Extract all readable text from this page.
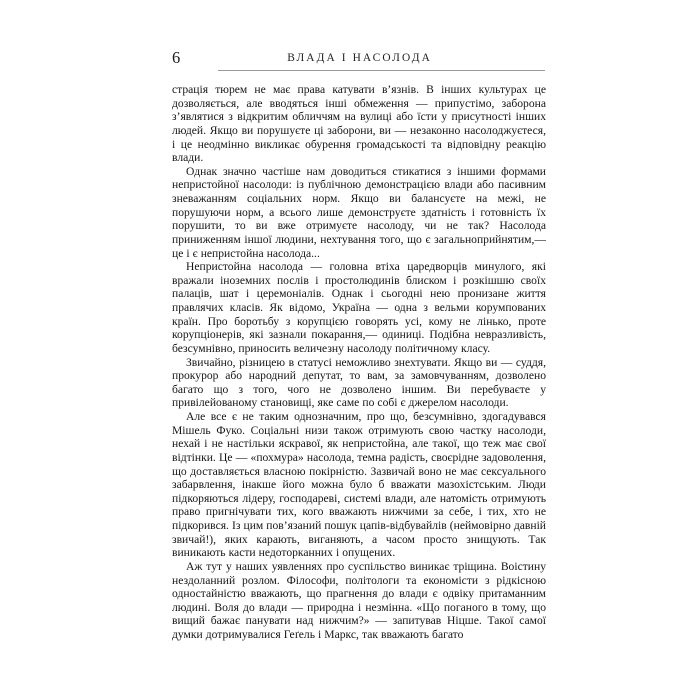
6	ВЛАДА І НАСОЛОДА

страція тюрем не має права катувати в’язнів. В інших культурах це дозволяється, але вводяться інші обмеження — припустімо, заборона з’являтися з відкритим обличчям на вулиці або їсти у присутності інших людей. Якщо ви порушуєте ці заборони, ви — незаконно насолоджуєтеся, і це неодмінно викликає обурення громадськості та відповідну реакцію влади.

Однак значно частіше нам доводиться стикатися з іншими формами непристойної насолоди: із публічною демонстрацією влади або пасивним зневажанням соціальних норм. Якщо ви балансуєте на межі, не порушуючи норм, а всього лише демонструєте здатність і готовність їх порушити, то ви вже отримуєте насолоду, чи не так? Насолода приниженням іншої людини, нехтування того, що є загальноприйнятим,— це і є непристойна насолода...

Непристойна насолода — головна втіха царедворців минулого, які вражали іноземних послів і простолюдинів блиском і розкішшю своїх палаців, шат і церемоніалів. Однак і сьогодні нею пронизане життя правлячих класів. Як відомо, Україна — одна з вельми корумпованих країн. Про боротьбу з корупцією говорять усі, кому не лінько, проте корупціонерів, які зазнали покарання,— одиниці. Подібна невразливість, безсумнівно, приносить величезну насолоду політичному класу.

Звичайно, різницею в статусі неможливо знехтувати. Якщо ви — суддя, прокурор або народний депутат, то вам, за замовчуванням, дозволено багато що з того, чого не дозволено іншим. Ви перебуваєте у привілейованому становищі, яке саме по собі є джерелом насолоди.

Але все є не таким однозначним, про що, безсумнівно, здогадувався Мішель Фуко. Соціальні низи також отримують свою частку насолоди, нехай і не настільки яскравої, як непристойна, але такої, що теж має свої відтінки. Це — «похмура» насолода, темна радість, своєрідне задоволення, що доставляється власною покірністю. Зазвичай воно не має сексуального забарвлення, інакше його можна було б вважати мазохістським. Люди підкоряються лідеру, господареві, системі влади, але натомість отримують право пригнічувати тих, кого вважають нижчими за себе, і тих, хто не підкорився. Із цим пов’язаний пошук цапів-відбувайлів (неймовірно давній звичай!), яких карають, виганяють, а часом просто знищують. Так виникають касти недоторканних і опущених.

Аж тут у наших уявленнях про суспільство виникає тріщина. Воістину нездоланний розлом. Філософи, політологи та економісти з рідкісною одностайністю вважають, що прагнення до влади є одвіку притаманним людині. Воля до влади — природна і незмінна. «Що поганого в тому, що вищий бажає панувати над нижчим?» — запитував Ніцше. Такої самої думки дотримувалися Геґель і Маркс, так вважають багато
